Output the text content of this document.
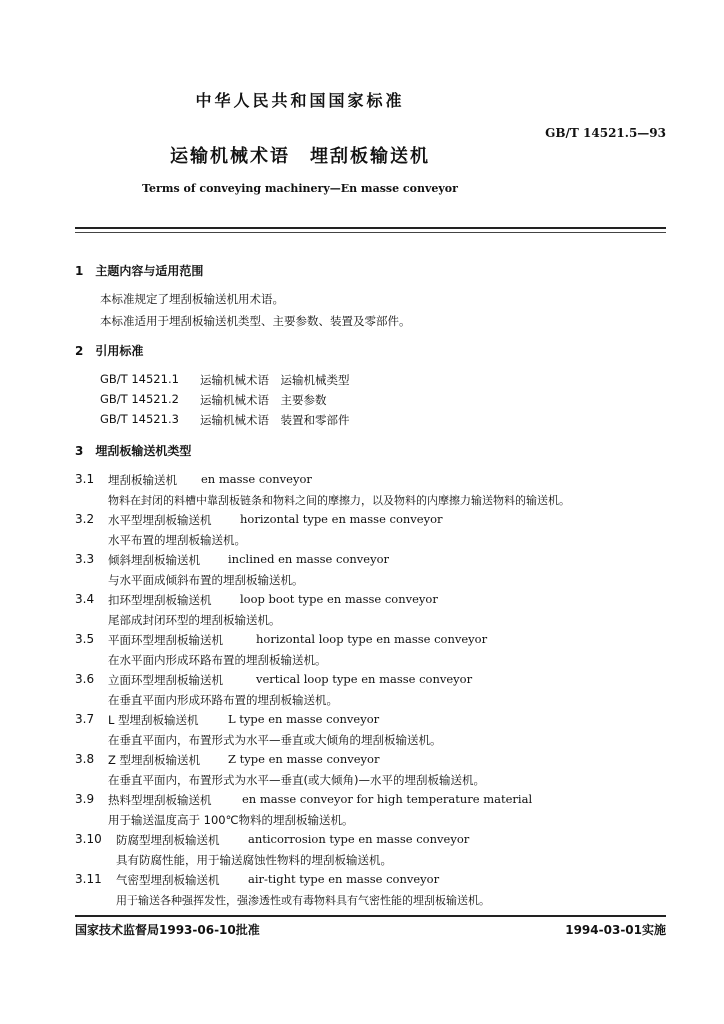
中华人民共和国国家标准
GB/T 14521.5—93
运输机械术语　埋刮板输送机
Terms of conveying machinery—En masse conveyor
1　主题内容与适用范围
本标准规定了埋刮板输送机用术语。
本标准适用于埋刮板输送机类型、主要参数、装置及零部件。
2　引用标准
GB/T 14521.1 运输机械术语　运输机械类型
GB/T 14521.2 运输机械术语　主要参数
GB/T 14521.3 运输机械术语　装置和零部件
3　埋刮板输送机类型
3.1 埋刮板输送机 en masse conveyor
物料在封闭的料槽中靠刮板链条和物料之间的摩擦力，以及物料的内摩擦力输送物料的输送机。
3.2 水平型埋刮板输送机 horizontal type en masse conveyor
水平布置的埋刮板输送机。
3.3 倾斜埋刮板输送机 inclined en masse conveyor
与水平面成倾斜布置的埋刮板输送机。
3.4 扣环型埋刮板输送机 loop boot type en masse conveyor
尾部成封闭环型的埋刮板输送机。
3.5 平面环型埋刮板输送机	horizontal loop type en masse conveyor
在水平面内形成环路布置的埋刮板输送机。
3.6 立面环型埋刮板输送机	vertical loop type en masse conveyor
在垂直平面内形成环路布置的埋刮板输送机。
3.7 L 型埋刮板输送机	L type en masse conveyor
在垂直平面内，布置形式为水平—垂直或大倾角的埋刮板输送机。
3.8 Z 型埋刮板输送机 Z type en masse conveyor
在垂直平面内，布置形式为水平—垂直(或大倾角)—水平的埋刮板输送机。
3.9 热料型埋刮板输送机	en masse conveyor for high temperature material
用于输送温度高于 100℃物料的埋刮板输送机。
3.10 防腐型埋刮板输送机 anticorrosion type en masse conveyor
具有防腐性能，用于输送腐蚀性物料的埋刮板输送机。
3.11 气密型埋刮板输送机 air-tight type en masse conveyor
用于输送各种强挥发性，强渗透性或有毒物料具有气密性能的埋刮板输送机。
国家技术监督局1993-06-10批准	1994-03-01实施
